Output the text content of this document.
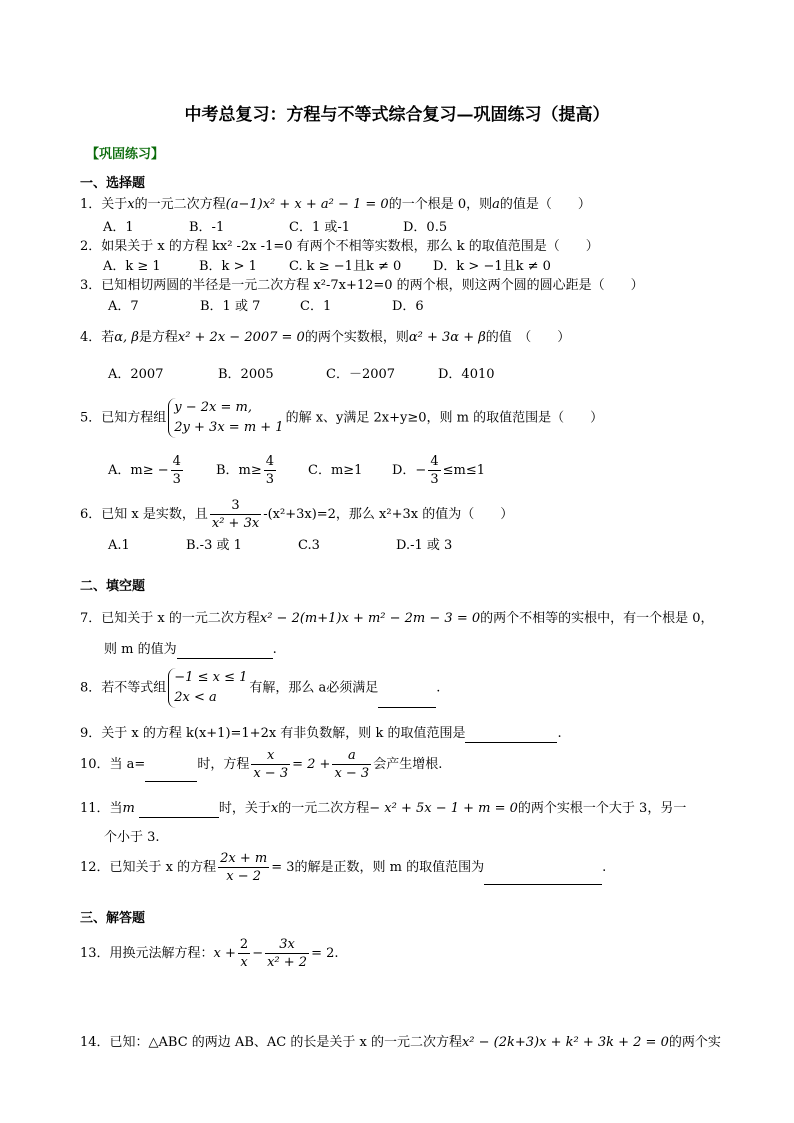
中考总复习：方程与不等式综合复习—巩固练习（提高）
【巩固练习】
一、选择题
1．关于x的一元二次方程(a−1)x² + x + a² − 1 = 0的一个根是 0，则a的值是（　　）
A．1	B．-1	C．1 或-1	D．0.5
2．如果关于 x 的方程 kx² -2x -1=0 有两个不相等实数根，那么 k 的取值范围是（　　）
A．k ≥ 1	B．k > 1 C. k ≥ −1且k ≠ 0 D．k > −1且k ≠ 0
3．已知相切两圆的半径是一元二次方程 x²-7x+12=0 的两个根，则这两个圆的圆心距是（　　）
A．7	B．1 或 7	C．1	D．6
4．若α, β是方程x² + 2x − 2007 = 0的两个实数根，则α² + 3α + β的值　（　　）
A．2007	B．2005	C．－2007	D．4010
5．已知方程组
y − 2x = m,
2y + 3x = m + 1
的解 x、y满足 2x+y≥0，则 m 的取值范围是（　　）
A．$m\ge - \frac{4}{3}$	B．$m\ge \frac{4}{3}$ C．m≥1 D．− $\frac{4}{3} \le m\le 1$
6．已知 x 是实数，且 $\frac{3}{\text{x² + 3x}} -(x^2+3x)=2$，那么 x²+3x 的值为（　　）
A.1	B.-3 或 1	C.3	D.-1 或 3
二、填空题
7．已知关于 x 的一元二次方程x² − 2(m+1)x + m² − 2m − 3 = 0的两个不相等的实根中，有一个根是 0，
则 m 的值为	.
8．若不等式组
−1 ≤ x ≤ 1
2x < a
有解，那么 a必须满足	.
9．关于 x 的方程 k(x+1)=1+2x 有非负数解，则 k 的取值范围是	.
10．当 a=	时，方程 $\frac{x}{x - 3} = 2 + \frac{a}{x - 3}$ 会产生增根.
11．当m	时，关于x的一元二次方程− x² + 5x − 1 + m = 0的两个实根一个大于 3，另一
个小于 3.
12．已知关于 x 的方程 $\frac{2x + m}{x - 2} = 3$的解是正数，则 m 的取值范围为	.
三、解答题
13．用换元法解方程：$x + \frac{2}{x} - \frac{3x}{\text{x² + 2}} = 2$.
14．已知：△ABC 的两边 AB、AC 的长是关于 x 的一元二次方程x² − (2k+3)x + k² + 3k + 2 = 0的两个实
